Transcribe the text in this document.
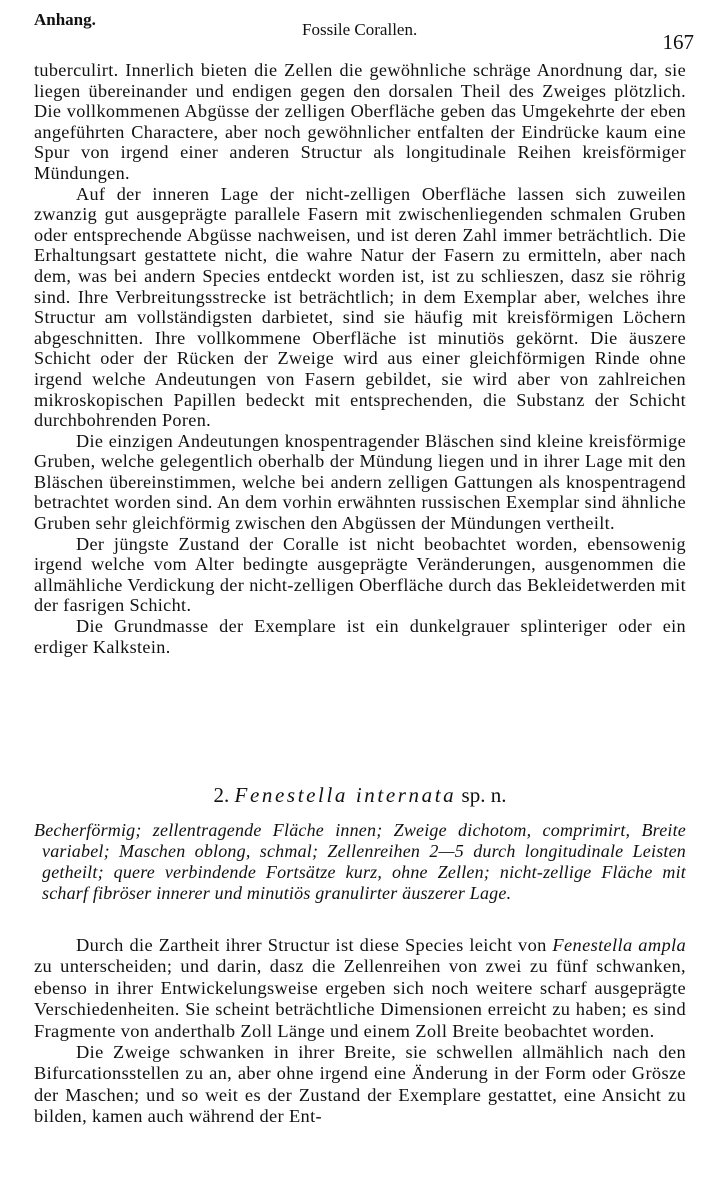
Anhang.
Fossile Corallen.
167

tuberculirt. Innerlich bieten die Zellen die gewöhnliche schräge Anordnung dar, sie liegen übereinander und endigen gegen den dorsalen Theil des Zweiges plötzlich. Die vollkommenen Abgüsse der zelligen Oberfläche geben das Umgekehrte der eben angeführten Charactere, aber noch gewöhnlicher entfalten der Eindrücke kaum eine Spur von irgend einer anderen Structur als longitudinale Reihen kreisförmiger Mündungen.

Auf der inneren Lage der nicht-zelligen Oberfläche lassen sich zuweilen zwanzig gut ausgeprägte parallele Fasern mit zwischenliegenden schmalen Gruben oder entsprechende Abgüsse nachweisen, und ist deren Zahl immer beträchtlich. Die Erhaltungsart gestattete nicht, die wahre Natur der Fasern zu ermitteln, aber nach dem, was bei andern Species entdeckt worden ist, ist zu schlieszen, dasz sie röhrig sind. Ihre Verbreitungsstrecke ist beträchtlich; in dem Exemplar aber, welches ihre Structur am vollständigsten darbietet, sind sie häufig mit kreisförmigen Löchern abgeschnitten. Ihre vollkommene Oberfläche ist minutiös gekörnt. Die äuszere Schicht oder der Rücken der Zweige wird aus einer gleichförmigen Rinde ohne irgend welche Andeutungen von Fasern gebildet, sie wird aber von zahlreichen mikroskopischen Papillen bedeckt mit entsprechenden, die Substanz der Schicht durchbohrenden Poren.

Die einzigen Andeutungen knospentragender Bläschen sind kleine kreisförmige Gruben, welche gelegentlich oberhalb der Mündung liegen und in ihrer Lage mit den Bläschen übereinstimmen, welche bei andern zelligen Gattungen als knospentragend betrachtet worden sind. An dem vorhin erwähnten russischen Exemplar sind ähnliche Gruben sehr gleichförmig zwischen den Abgüssen der Mündungen vertheilt.

Der jüngste Zustand der Coralle ist nicht beobachtet worden, ebensowenig irgend welche vom Alter bedingte ausgeprägte Veränderungen, ausgenommen die allmähliche Verdickung der nicht-zelligen Oberfläche durch das Bekleidetwerden mit der fasrigen Schicht.

Die Grundmasse der Exemplare ist ein dunkelgrauer splinteriger oder ein erdiger Kalkstein.

2. Fenestella internata sp. n.
Becherförmig; zellentragende Fläche innen; Zweige dichotom, comprimirt, Breite variabel; Maschen oblong, schmal; Zellenreihen 2—5 durch longitudinale Leisten getheilt; quere verbindende Fortsätze kurz, ohne Zellen; nicht-zellige Fläche mit scharf fibröser innerer und minutiös granulirter äuszerer Lage.

Durch die Zartheit ihrer Structur ist diese Species leicht von Fenestella ampla zu unterscheiden; und darin, dasz die Zellenreihen von zwei zu fünf schwanken, ebenso in ihrer Entwickelungsweise ergeben sich noch weitere scharf ausgeprägte Verschiedenheiten. Sie scheint beträchtliche Dimensionen erreicht zu haben; es sind Fragmente von anderthalb Zoll Länge und einem Zoll Breite beobachtet worden.

Die Zweige schwanken in ihrer Breite, sie schwellen allmählich nach den Bifurcationsstellen zu an, aber ohne irgend eine Änderung in der Form oder Grösze der Maschen; und so weit es der Zustand der Exemplare gestattet, eine Ansicht zu bilden, kamen auch während der Ent-
